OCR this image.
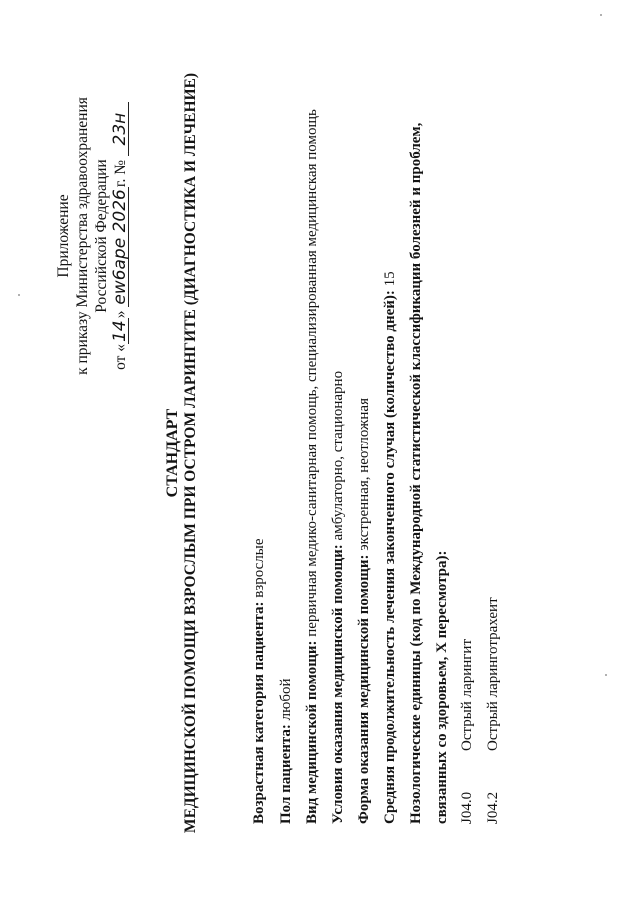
Приложение к приказу Министерства здравоохранения Российской Федерации
от «14» ew6ape 2026г. № 23н
СТАНДАРТ МЕДИЦИНСКОЙ ПОМОЩИ ВЗРОСЛЫМ ПРИ ОСТРОМ ЛАРИНГИТЕ (ДИАГНОСТИКА И ЛЕЧЕНИЕ)	Возрастная категория пациента: взрослые
Пол пациента: любой Вид медицинской помощи: первичная медико-санитарная помощь, специализированная медицинская помощь
Условия оказания медицинской помощи: амбулаторно, стационарно
Форма оказания медицинской помощи: экстренная, неотложная Средняя продолжительность лечения законченного случая (количество дней): 15 Нозологические единицы (код по Международной статистической классификации болезней и проблем, связанных со здоровьем, X пересмотра): J04.0
Острый ларингит
J04.2
Острый ларинготрахеит
